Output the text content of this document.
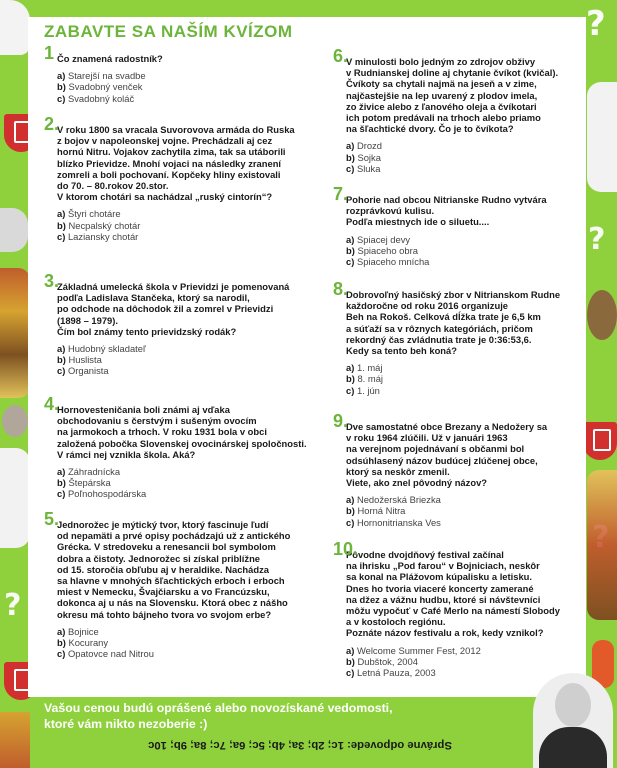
?
?
?
ZABAVTE SA NAŠÍM KVÍZOM
1 Čo znamená radostník?
a) Starejší na svadbe
b) Svadobný venček
c) Svadobný koláč
2.
V roku 1800 sa vracala Suvorovova armáda do Ruska
z bojov v napoleonskej vojne. Prechádzali aj cez
hornú Nitru. Vojakov zachytila zima, tak sa utáborili
blízko Prievidze. Mnohí vojaci na následky zranení
zomreli a boli pochovaní. Kopčeky hliny existovali
do 70. – 80.rokov 20.stor.
V ktorom chotári sa nachádzal „ruský cintorín“?
a) Štyri chotáre
b) Necpalský chotár
c) Laziansky chotár
3.
Základná umelecká škola v Prievidzi je pomenovaná
podľa Ladislava Stančeka, ktorý sa narodil,
po odchode na dôchodok žil a zomrel v Prievidzi
(1898 – 1979).
Čím bol známy tento prievidzský rodák?
a) Hudobný skladateľ
b) Huslista
c) Organista
4.
Hornovesteničania boli známi aj vďaka
obchodovaniu s čerstvým i sušeným ovocím
na jarmokoch a trhoch. V roku 1931 bola v obci
založená pobočka Slovenskej ovocinárskej spoločnosti.
V rámci nej vznikla škola. Aká?
a) Záhradnícka
b) Štepárska
c) Poľnohospodárska
5.
Jednorožec je mýtický tvor, ktorý fascinuje ľudí
od nepamäti a prvé opisy pochádzajú už z antického
Grécka. V stredoveku a renesancii bol symbolom
dobra a čistoty. Jednorožec si získal priblížne
od 15. storočia obľubu aj v heraldike. Nachádza
sa hlavne v mnohých šľachtických erboch i erboch
miest v Nemecku, Švajčiarsku a vo Francúzsku,
dokonca aj u nás na Slovensku. Ktorá obec z nášho
okresu má tohto bájneho tvora vo svojom erbe?
a) Bojnice
b) Kocurany
c) Opatovce nad Nitrou
6.
V minulosti bolo jedným zo zdrojov obživy
v Rudnianskej doline aj chytanie čvíkot (kvičal).
Čvíkoty sa chytali najmä na jeseň a v zime,
najčastejšie na lep uvarený z plodov imela,
zo živice alebo z ľanového oleja a čvíkotari
ich potom predávali na trhoch alebo priamo
na šľachtické dvory. Čo je to čvíkota?
a) Drozd
b) Sojka
c) Sluka
7.
Pohorie nad obcou Nitrianske Rudno vytvára
rozprávkovú kulisu.
Podľa miestnych ide o siluetu....
a) Spiacej devy
b) Spiaceho obra
c) Spiaceho mnícha
8.
Dobrovoľný hasičský zbor v Nitrianskom Rudne
každoročne od roku 2016 organizuje
Beh na Rokoš. Celková dĺžka trate je 6,5 km
a súťaží sa v rôznych kategóriách, pričom
rekordný čas zvládnutia trate je 0:36:53,6.
Kedy sa tento beh koná?
a) 1. máj
b) 8. máj
c) 1. jún
9.
Dve samostatné obce Brezany a Nedožery sa
v roku 1964 zlúčili. Už v januári 1963
na verejnom pojednávaní s občanmi bol
odsúhlasený názov budúcej zlúčenej obce,
ktorý sa neskôr zmenil.
Viete, ako znel pôvodný názov?
a) Nedožerská Briezka
b) Horná Nitra
c) Hornonitrianska Ves
10.
Pôvodne dvojdňový festival začínal
na ihrisku „Pod farou“ v Bojniciach, neskôr
sa konal na Plážovom kúpalisku a letisku.
Dnes ho tvoria viaceré koncerty zamerané
na džez a vážnu hudbu, ktoré si návštevníci
môžu vypočuť v Café Merlo na námestí Slobody
a v kostoloch regiónu.
Poznáte názov festivalu a rok, kedy vznikol?
a) Welcome Summer Fest, 2012
b) Dubštok, 2004
c) Letná Pauza, 2003
Vašou cenou budú oprášené alebo novozískané vedomosti,
ktoré vám nikto nezoberie :)
Správne odpovede: 1c; 2b; 3a; 4b; 5c; 6a; 7c; 8a; 9b; 10c
